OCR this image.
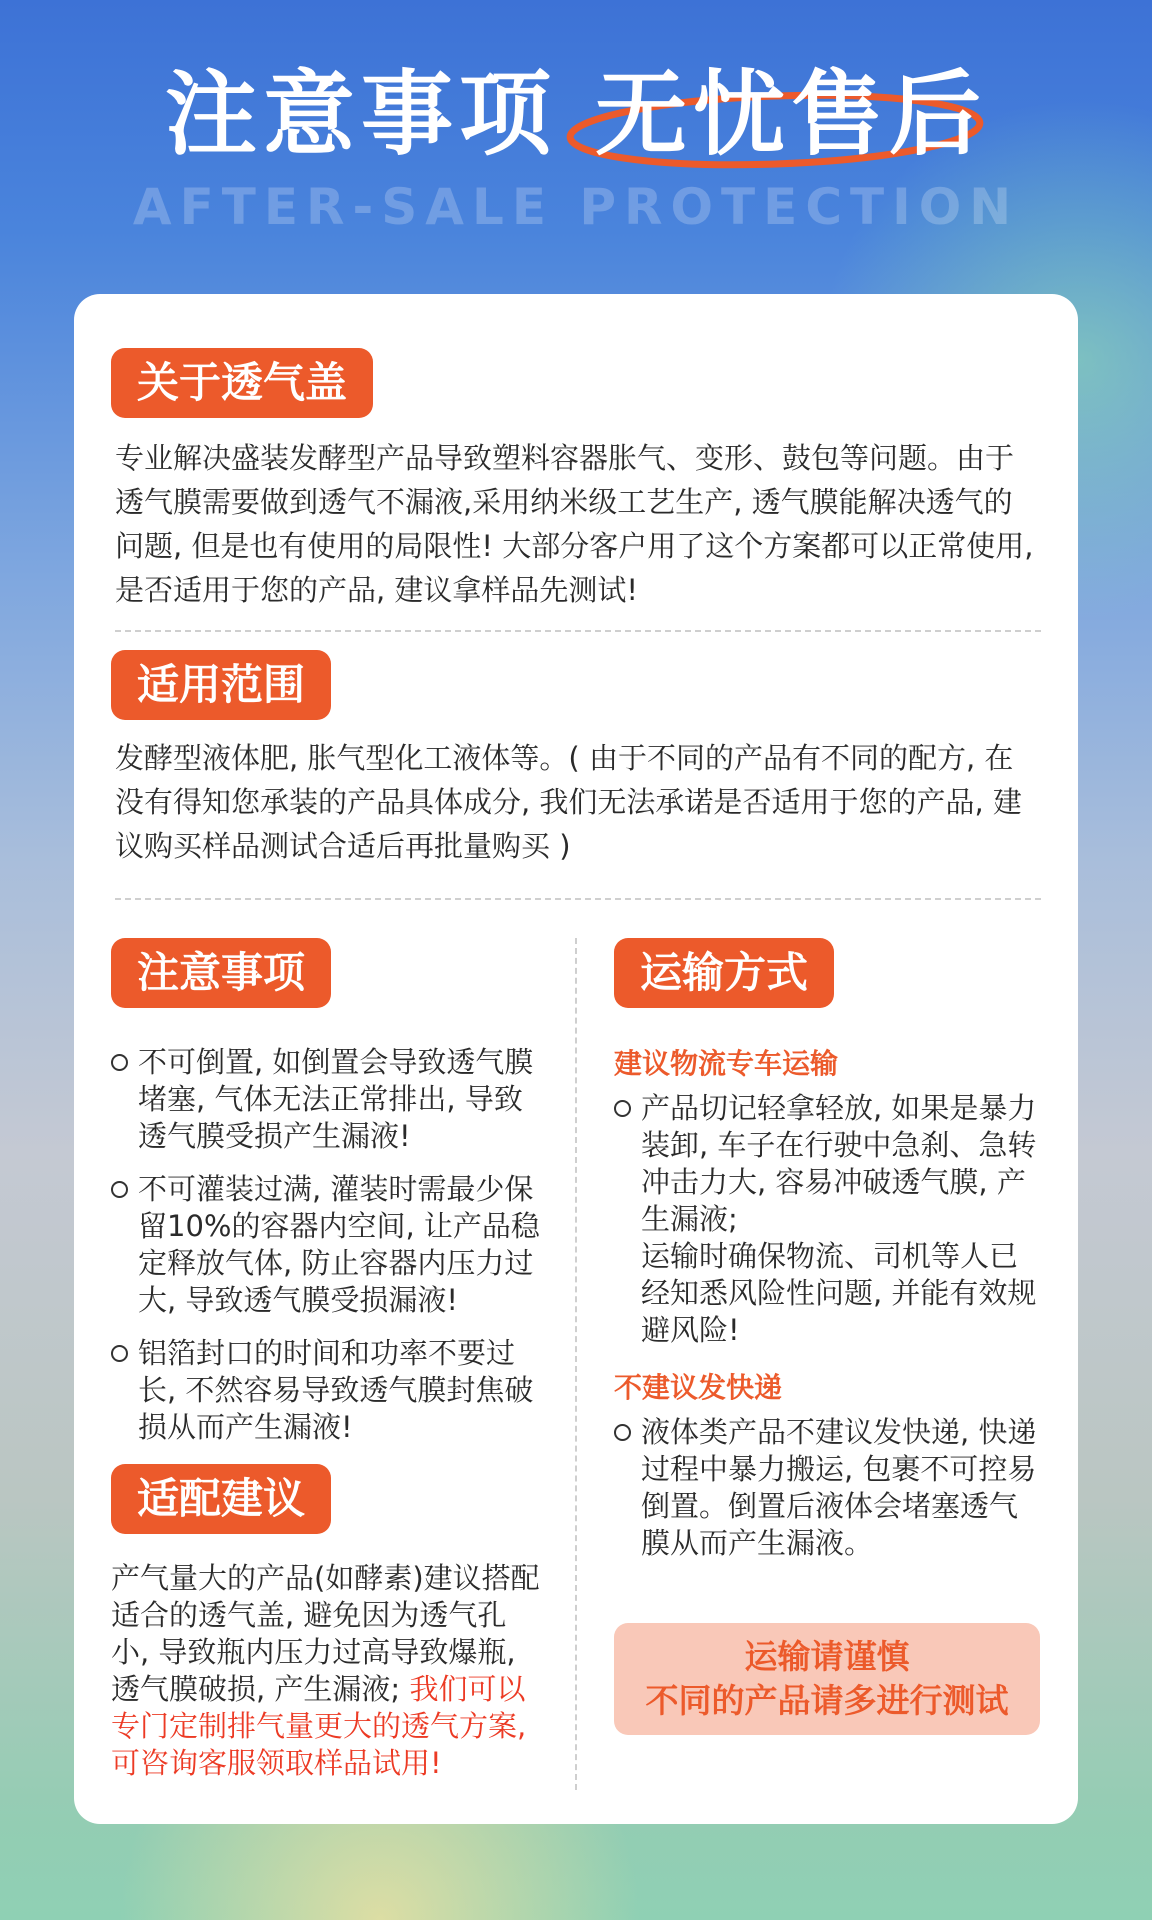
注意事项 无忧售后
AFTER-SALE PROTECTION
关于透气盖
专业解决盛装发酵型产品导致塑料容器胀气、变形、鼓包等问题。由于透气膜需要做到透气不漏液,采用纳米级工艺生产, 透气膜能解决透气的问题, 但是也有使用的局限性! 大部分客户用了这个方案都可以正常使用, 是否适用于您的产品, 建议拿样品先测试!
适用范围
发酵型液体肥, 胀气型化工液体等。( 由于不同的产品有不同的配方, 在没有得知您承装的产品具体成分, 我们无法承诺是否适用于您的产品, 建议购买样品测试合适后再批量购买 )
注意事项
不可倒置, 如倒置会导致透气膜堵塞, 气体无法正常排出, 导致透气膜受损产生漏液!
不可灌装过满, 灌装时需最少保留10%的容器内空间, 让产品稳定释放气体, 防止容器内压力过大, 导致透气膜受损漏液!
铝箔封口的时间和功率不要过长, 不然容易导致透气膜封焦破损从而产生漏液!
适配建议
产气量大的产品(如酵素)建议搭配适合的透气盖, 避免因为透气孔小, 导致瓶内压力过高导致爆瓶, 透气膜破损, 产生漏液; 我们可以专门定制排气量更大的透气方案, 可咨询客服领取样品试用!
运输方式
建议物流专车运输
产品切记轻拿轻放, 如果是暴力装卸, 车子在行驶中急刹、急转冲击力大, 容易冲破透气膜, 产生漏液;
运输时确保物流、司机等人已经知悉风险性问题, 并能有效规避风险!
不建议发快递
液体类产品不建议发快递, 快递过程中暴力搬运, 包裹不可控易倒置。倒置后液体会堵塞透气膜从而产生漏液。
运输请谨慎
不同的产品请多进行测试
